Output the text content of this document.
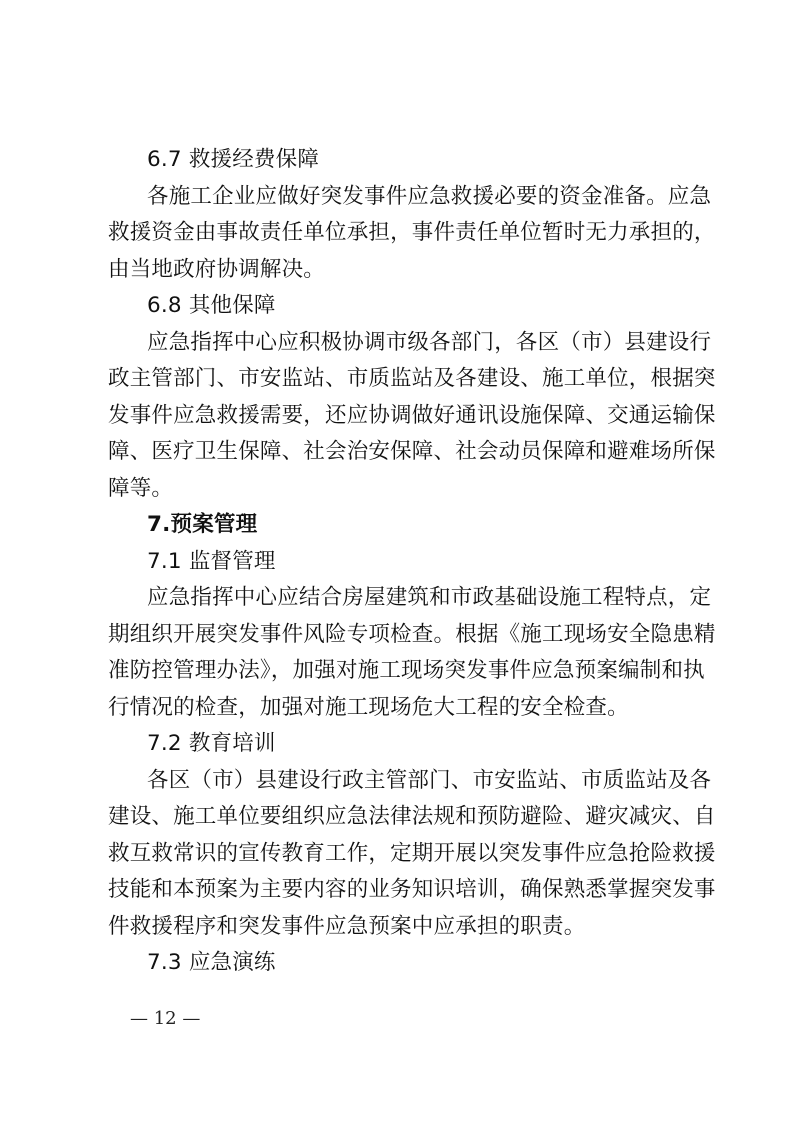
6.7 救援经费保障
各施工企业应做好突发事件应急救援必要的资金准备。应急
救援资金由事故责任单位承担，事件责任单位暂时无力承担的，
由当地政府协调解决。
6.8 其他保障
应急指挥中心应积极协调市级各部门，各区（市）县建设行
政主管部门、市安监站、市质监站及各建设、施工单位，根据突
发事件应急救援需要，还应协调做好通讯设施保障、交通运输保
障、医疗卫生保障、社会治安保障、社会动员保障和避难场所保
障等。
7.预案管理
7.1 监督管理
应急指挥中心应结合房屋建筑和市政基础设施工程特点，定
期组织开展突发事件风险专项检查。根据《施工现场安全隐患精
准防控管理办法》，加强对施工现场突发事件应急预案编制和执
行情况的检查，加强对施工现场危大工程的安全检查。
7.2 教育培训
各区（市）县建设行政主管部门、市安监站、市质监站及各
建设、施工单位要组织应急法律法规和预防避险、避灾减灾、自
救互救常识的宣传教育工作，定期开展以突发事件应急抢险救援
技能和本预案为主要内容的业务知识培训，确保熟悉掌握突发事
件救援程序和突发事件应急预案中应承担的职责。
7.3 应急演练
— 12 —
